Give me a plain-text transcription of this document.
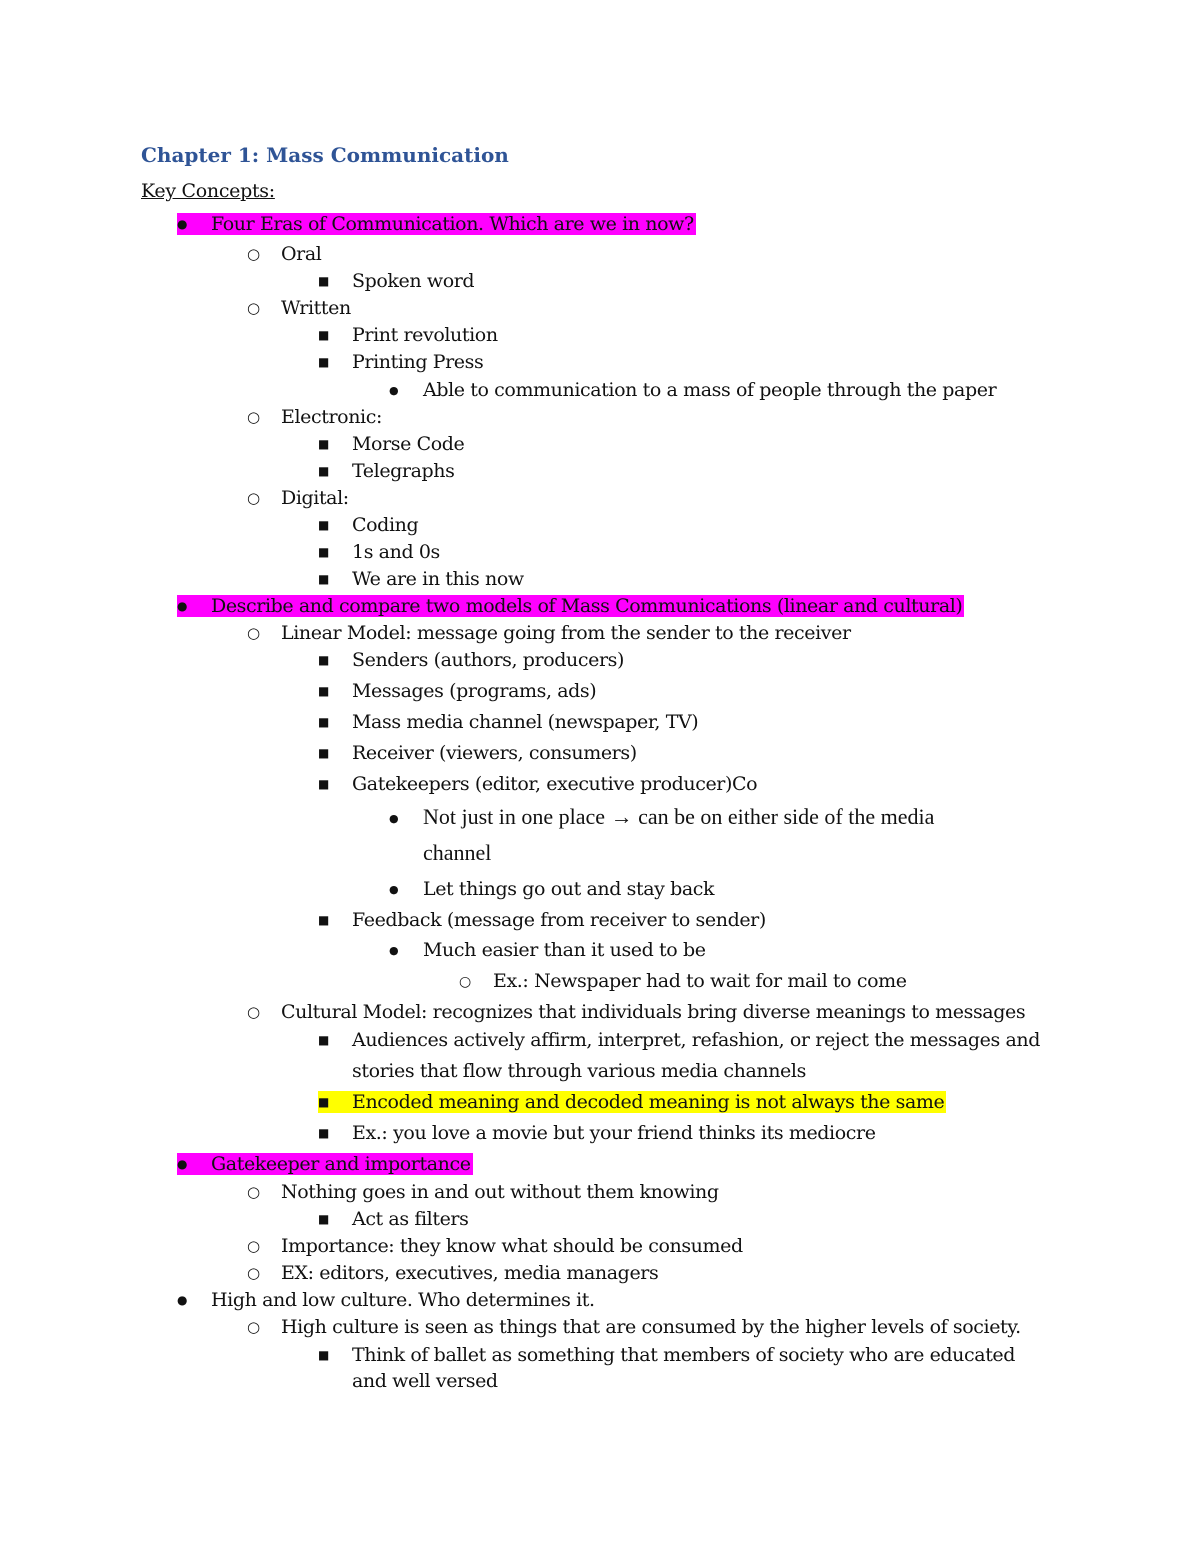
Chapter 1: Mass Communication
Key Concepts:
●Four Eras of Communication. Which are we in now?
○Oral
■Spoken word
○Written
■Print revolution
■Printing Press
●Able to communication to a mass of people through the paper
○Electronic:
■Morse Code
■Telegraphs
○Digital:
■Coding
■1s and 0s
■We are in this now
●Describe and compare two models of Mass Communications (linear and cultural)
○Linear Model: message going from the sender to the receiver
■Senders (authors, producers)
■Messages (programs, ads)
■Mass media channel (newspaper, TV)
■Receiver (viewers, consumers)
■Gatekeepers (editor, executive producer)Co
●Not just in one place → can be on either side of the media
channel
●Let things go out and stay back
■Feedback (message from receiver to sender)
●Much easier than it used to be
○Ex.: Newspaper had to wait for mail to come
○Cultural Model: recognizes that individuals bring diverse meanings to messages
■Audiences actively affirm, interpret, refashion, or reject the messages and
stories that flow through various media channels
■Encoded meaning and decoded meaning is not always the same
■Ex.: you love a movie but your friend thinks its mediocre
●Gatekeeper and importance
○Nothing goes in and out without them knowing
■Act as filters
○Importance: they know what should be consumed
○EX: editors, executives, media managers
●High and low culture. Who determines it.
○High culture is seen as things that are consumed by the higher levels of society.
■Think of ballet as something that members of society who are educated
and well versed
